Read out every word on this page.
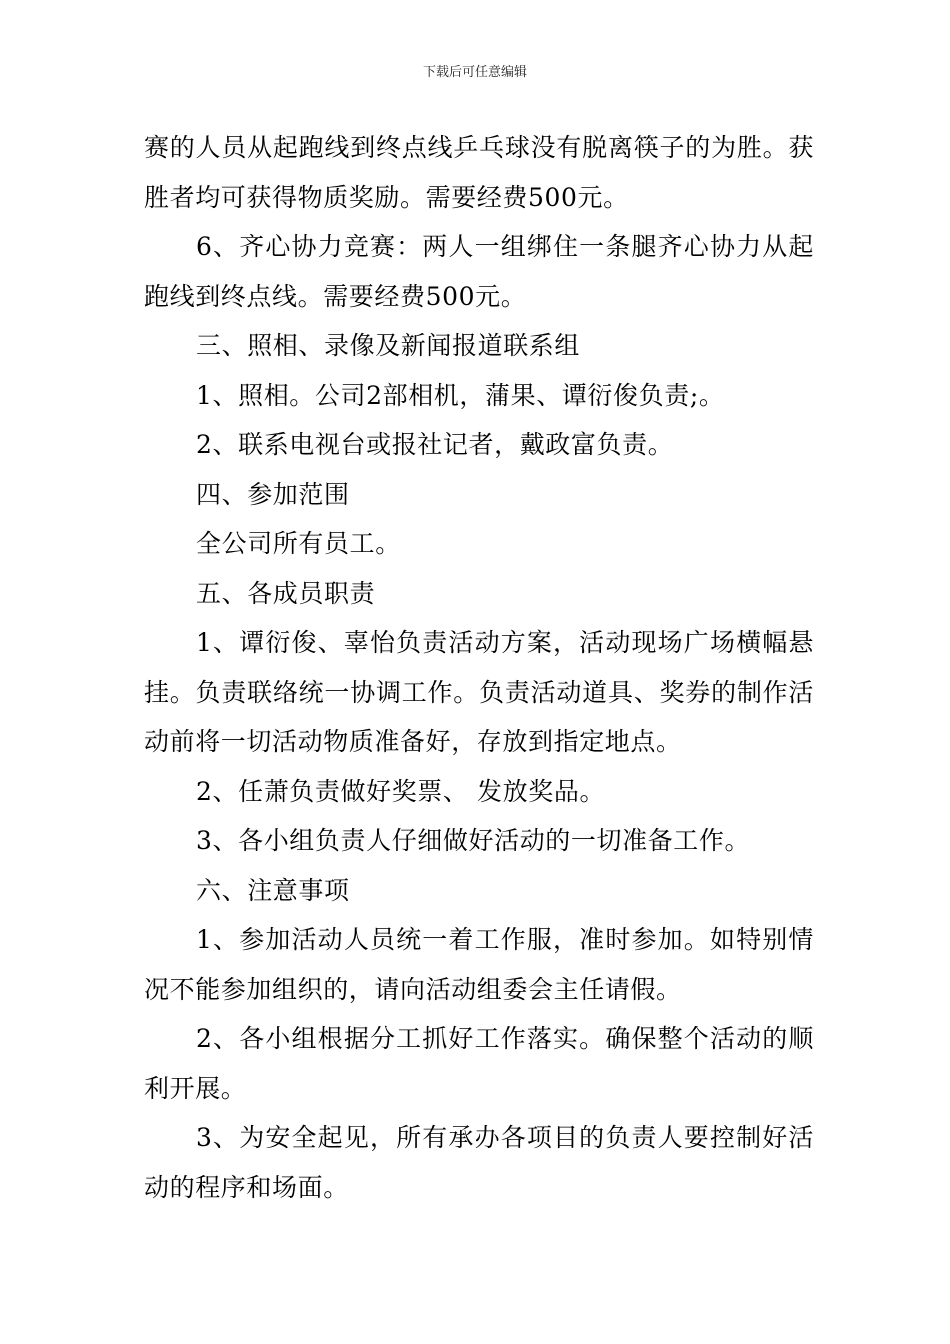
下载后可任意编辑

赛的人员从起跑线到终点线乒乓球没有脱离筷子的为胜。获胜者均可获得物质奖励。需要经费500元。

6、齐心协力竞赛：两人一组绑住一条腿齐心协力从起跑线到终点线。需要经费500元。

三、照相、录像及新闻报道联系组

1、照相。公司2部相机，蒲果、谭衍俊负责;。

2、联系电视台或报社记者，戴政富负责。

四、参加范围

全公司所有员工。

五、各成员职责

1、谭衍俊、辜怡负责活动方案，活动现场广场横幅悬挂。负责联络统一协调工作。负责活动道具、奖券的制作活动前将一切活动物质准备好，存放到指定地点。

2、任萧负责做好奖票、 发放奖品。

3、各小组负责人仔细做好活动的一切准备工作。

六、注意事项

1、参加活动人员统一着工作服，准时参加。如特别情况不能参加组织的，请向活动组委会主任请假。

2、各小组根据分工抓好工作落实。确保整个活动的顺利开展。

3、为安全起见，所有承办各项目的负责人要控制好活动的程序和场面。
